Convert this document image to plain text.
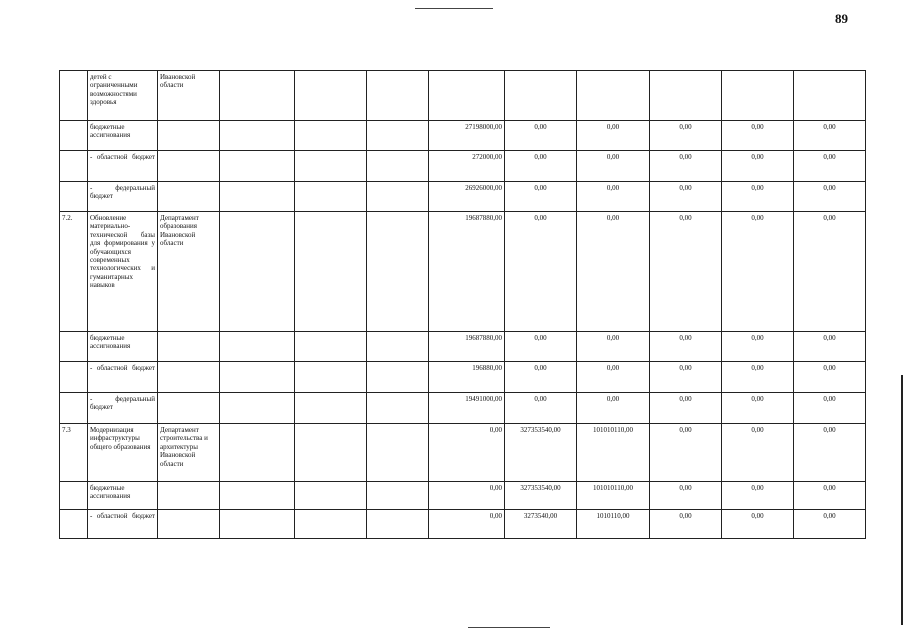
89
	детей с ограниченными возможностями здоровья	Ивановской области									
	бюджетные ассигнования					27198000,00	0,00	0,00	0,00	0,00	0,00
	- областной бюджет					272000,00	0,00	0,00	0,00	0,00	0,00
	- федеральный бюджет					26926000,00	0,00	0,00	0,00	0,00	0,00
7.2.	Обновление материально-технической базы для формирования у обучающихся современных технологических и гуманитарных навыков	Департамент образования Ивановской области				19687880,00	0,00	0,00	0,00	0,00	0,00
	бюджетные ассигнования					19687880,00	0,00	0,00	0,00	0,00	0,00
	- областной бюджет					196880,00	0,00	0,00	0,00	0,00	0,00
	- федеральный бюджет					19491000,00	0,00	0,00	0,00	0,00	0,00
7.3	Модернизация инфраструктуры общего образования	Департамент строительства и архитектуры Ивановской области				0,00	327353540,00	101010110,00	0,00	0,00	0,00
	бюджетные ассигнования					0,00	327353540,00	101010110,00	0,00	0,00	0,00
	- областной бюджет					0,00	3273540,00	1010110,00	0,00	0,00	0,00
